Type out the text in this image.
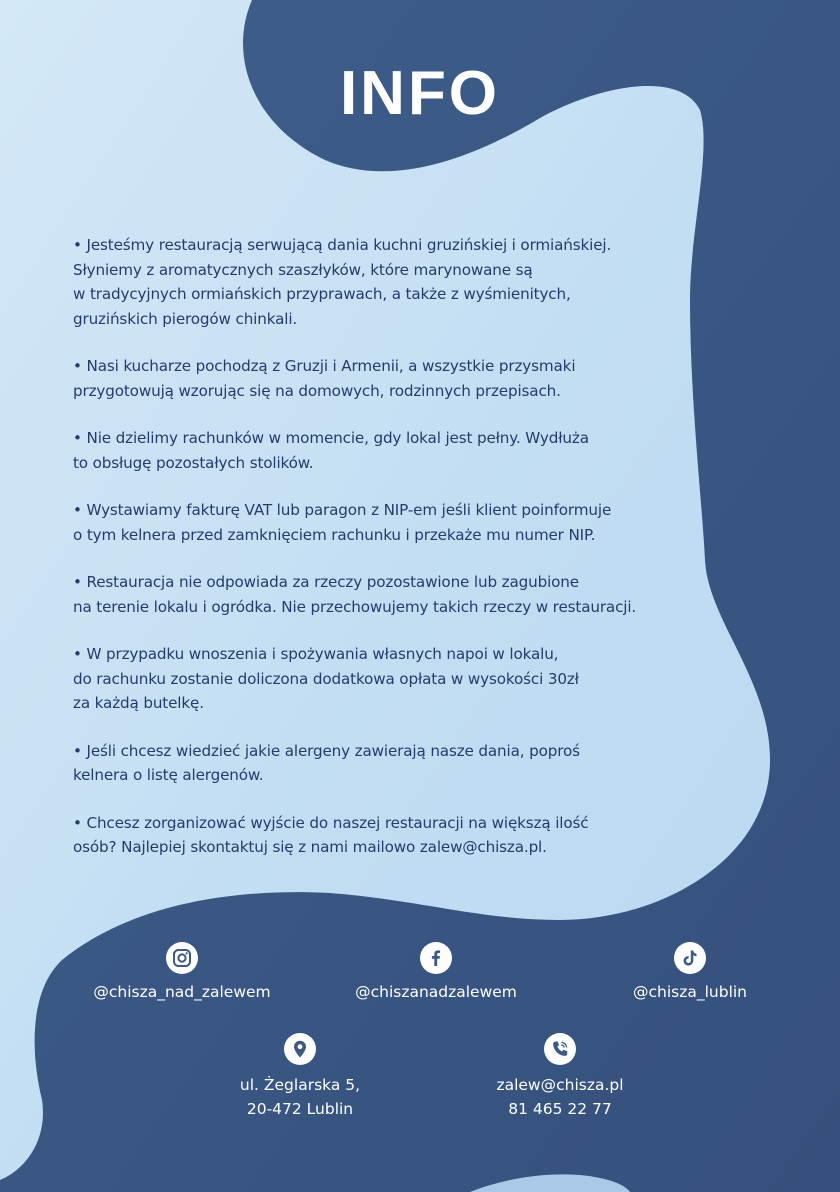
INFO
• Jesteśmy restauracją serwującą dania kuchni gruzińskiej i ormiańskiej.
Słyniemy z aromatycznych szaszłyków, które marynowane są
w tradycyjnych ormiańskich przyprawach, a także z wyśmienitych,
gruzińskich pierogów chinkali.
• Nasi kucharze pochodzą z Gruzji i Armenii, a wszystkie przysmaki
przygotowują wzorując się na domowych, rodzinnych przepisach.
• Nie dzielimy rachunków w momencie, gdy lokal jest pełny. Wydłuża
to obsługę pozostałych stolików.
• Wystawiamy fakturę VAT lub paragon z NIP-em jeśli klient poinformuje
o tym kelnera przed zamknięciem rachunku i przekaże mu numer NIP.
• Restauracja nie odpowiada za rzeczy pozostawione lub zagubione
na terenie lokalu i ogródka. Nie przechowujemy takich rzeczy w restauracji.
• W przypadku wnoszenia i spożywania własnych napoi w lokalu,
do rachunku zostanie doliczona dodatkowa opłata w wysokości 30zł
za każdą butelkę.
• Jeśli chcesz wiedzieć jakie alergeny zawierają nasze dania, poproś
kelnera o listę alergenów.
• Chcesz zorganizować wyjście do naszej restauracji na większą ilość
osób? Najlepiej skontaktuj się z nami mailowo zalew@chisza.pl.
@chisza_nad_zalewem	@chiszanadzalewem	@chisza_lublin
ul. Żeglarska 5,
20-472 Lublin
zalew@chisza.pl
81 465 22 77
